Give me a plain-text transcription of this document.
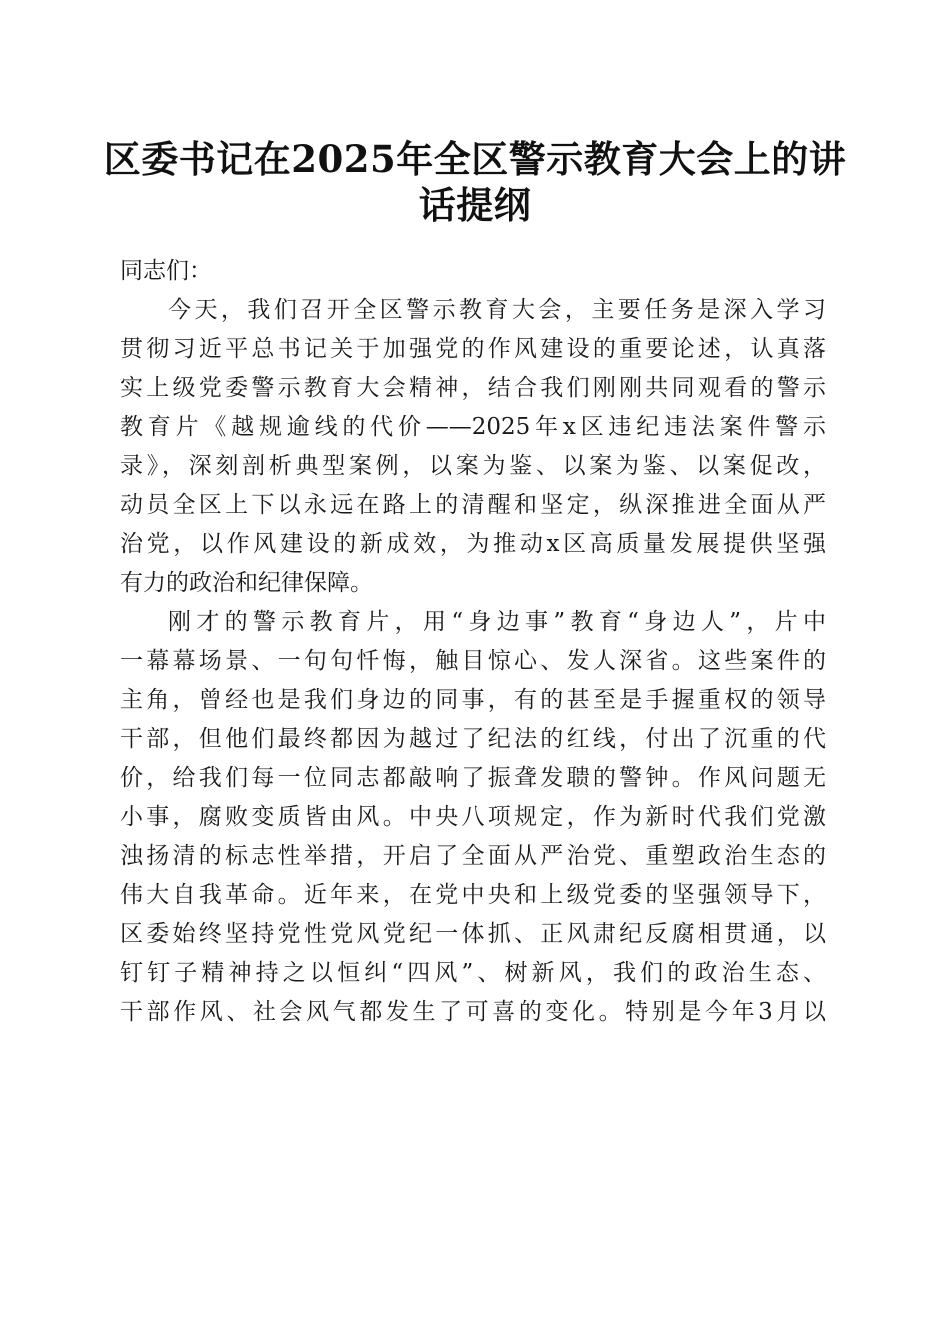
区委书记在2025年全区警示教育大会上的讲
话提纲

同志们：

今天，我们召开全区警示教育大会，主要任务是深入学习
贯彻习近平总书记关于加强党的作风建设的重要论述，认真落
实上级党委警示教育大会精神，结合我们刚刚共同观看的警示
教育片《越规逾线的代价——2025年x区违纪违法案件警示
录》，深刻剖析典型案例，以案为鉴、以案为鉴、以案促改，
动员全区上下以永远在路上的清醒和坚定，纵深推进全面从严
治党，以作风建设的新成效，为推动x区高质量发展提供坚强
有力的政治和纪律保障。

刚才的警示教育片，用“身边事”教育“身边人”，片中
一幕幕场景、一句句忏悔，触目惊心、发人深省。这些案件的
主角，曾经也是我们身边的同事，有的甚至是手握重权的领导
干部，但他们最终都因为越过了纪法的红线，付出了沉重的代
价，给我们每一位同志都敲响了振聋发聩的警钟。作风问题无
小事，腐败变质皆由风。中央八项规定，作为新时代我们党激
浊扬清的标志性举措，开启了全面从严治党、重塑政治生态的
伟大自我革命。近年来，在党中央和上级党委的坚强领导下，
区委始终坚持党性党风党纪一体抓、正风肃纪反腐相贯通，以
钉钉子精神持之以恒纠“四风”、树新风，我们的政治生态、
干部作风、社会风气都发生了可喜的变化。特别是今年3月以
